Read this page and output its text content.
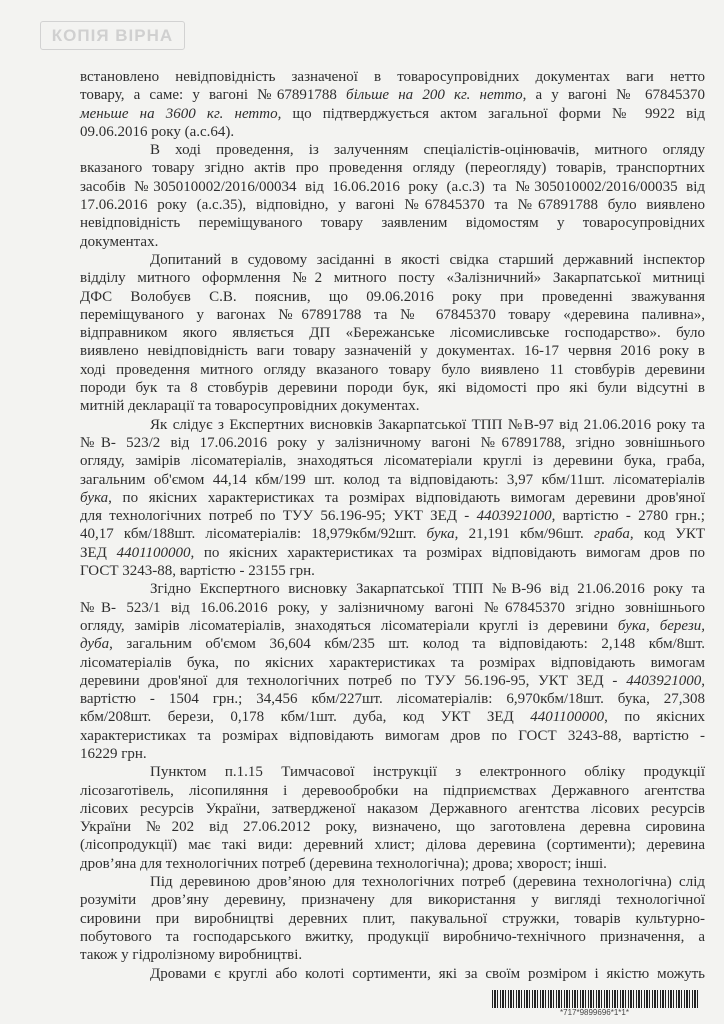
КОПІЯ ВІРНА
встановлено невідповідність зазначеної в товаросупровідних документах ваги нетто
товару, а саме: у вагоні №67891788 більше на 200 кг. нетто, а у вагоні № 67845370
меньше на 3600 кг. нетто, що підтверджується актом загальної форми № 9922 від
09.06.2016 року (а.с.64).
В ході проведення, із залученням спеціалістів-оцінювачів, митного огляду
вказаного товару згідно актів про проведення огляду (переогляду) товарів, транспортних
засобів №305010002/2016/00034 від 16.06.2016 року (а.с.3) та №305010002/2016/00035 від
17.06.2016 року (а.с.35), відповідно, у вагоні №67845370 та №67891788 було виявлено
невідповідність переміщуваного товару заявленим відомостям у товаросупровідних
документах.
Допитаний в судовому засіданні в якості свідка старший державний інспектор
відділу митного оформлення №2 митного посту «Залізничний» Закарпатської митниці
ДФС Волобуєв С.В. пояснив, що 09.06.2016 року при проведенні зважування
переміщуваного у вагонах №67891788 та № 67845370 товару «деревина паливна»,
відправником якого являється ДП «Бережанське лісомисливське господарство». було
виявлено невідповідність ваги товару зазначеній у документах. 16-17 червня 2016 року в
ході проведення митного огляду вказаного товару було виявлено 11 стовбурів деревини
породи бук та 8 стовбурів деревини породи бук, які відомості про які були відсутні в
митній декларації та товаросупровідних документах.
Як слідує з Експертних висновків Закарпатської ТПП №В-97 від 21.06.2016 року та
№В- 523/2 від 17.06.2016 року у залізничному вагоні №67891788, згідно зовнішнього
огляду, замірів лісоматеріалів, знаходяться лісоматеріали круглі із деревини бука, граба,
загальним об'ємом 44,14 кбм/199 шт. колод та відповідають: 3,97 кбм/11шт. лісоматеріалів
бука, по якісних характеристиках та розмірах відповідають вимогам деревини дров'яної
для технологічних потреб по ТУУ 56.196-95; УКТ ЗЕД - 4403921000, вартістю - 2780 грн.;
40,17 кбм/188шт. лісоматеріалів: 18,979кбм/92шт. бука, 21,191 кбм/96шт. граба, код УКТ
ЗЕД 4401100000, по якісних характеристиках та розмірах відповідають вимогам дров по
ГОСТ 3243-88, вартістю - 23155 грн.
Згідно Експертного висновку Закарпатської ТПП №В-96 від 21.06.2016 року та
№В- 523/1 від 16.06.2016 року, у залізничному вагоні №67845370 згідно зовнішнього
огляду, замірів лісоматеріалів, знаходяться лісоматеріали круглі із деревини бука, берези,
дуба, загальним об'ємом 36,604 кбм/235 шт. колод та відповідають: 2,148 кбм/8шт.
лісоматеріалів бука, по якісних характеристиках та розмірах відповідають вимогам
деревини дров'яної для технологічних потреб по ТУУ 56.196-95, УКТ ЗЕД - 4403921000,
вартістю - 1504 грн.; 34,456 кбм/227шт. лісоматеріалів: 6,970кбм/18шт. бука, 27,308
кбм/208шт. берези, 0,178 кбм/1шт. дуба, код УКТ ЗЕД 4401100000, по якісних
характеристиках та розмірах відповідають вимогам дров по ГОСТ 3243-88, вартістю -
16229 грн.
Пунктом п.1.15 Тимчасової інструкції з електронного обліку продукції
лісозаготівель, лісопиляння і деревообробки на підприємствах Державного агентства
лісових ресурсів України, затвердженої наказом Державного агентства лісових ресурсів
України №202 від 27.06.2012 року, визначено, що заготовлена деревна сировина
(лісопродукції) має такі види: деревний хлист; ділова деревина (сортименти); деревина
дров’яна для технологічних потреб (деревина технологічна); дрова; хворост; інші.
Під деревиною дров’яною для технологічних потреб (деревина технологічна) слід
розуміти дров’яну деревину, призначену для використання у вигляді технологічної
сировини при виробництві деревних плит, пакувальної стружки, товарів культурно-
побутового та господарського вжитку, продукції виробничо-технічного призначення, а
також у гідролізному виробництві.
Дровами є круглі або колоті сортименти, які за своїм розміром і якістю можуть
*717*9899696*1*1*
